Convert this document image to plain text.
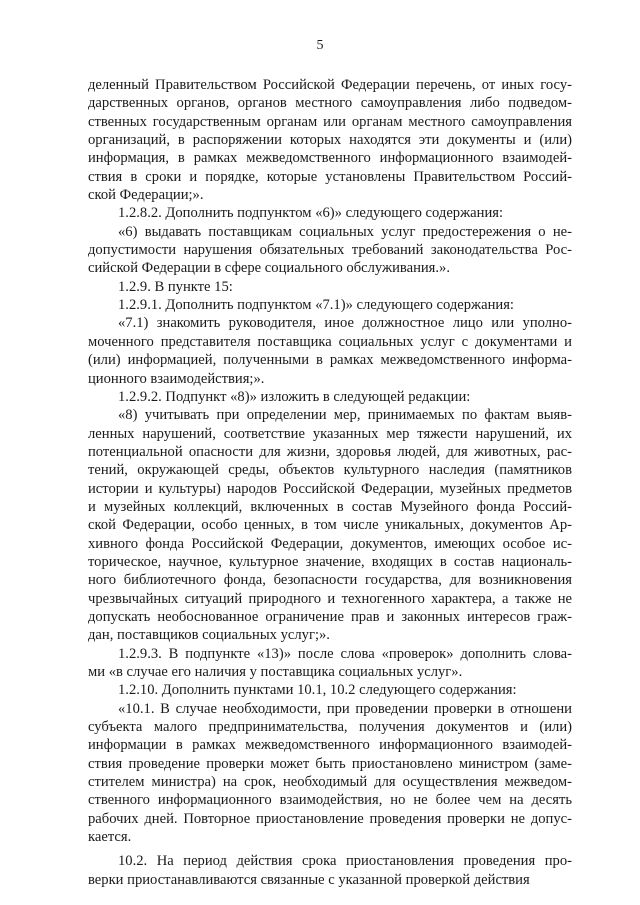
5
деленный Правительством Российской Федерации перечень, от иных госу-
дарственных органов, органов местного самоуправления либо подведом-
ственных государственным органам или органам местного самоуправления
организаций, в распоряжении которых находятся эти документы и (или)
информация, в рамках межведомственного информационного взаимодей-
ствия в сроки и порядке, которые установлены Правительством Россий-
ской Федерации;».
1.2.8.2. Дополнить подпунктом «6)» следующего содержания:
«6) выдавать поставщикам социальных услуг предостережения о не-
допустимости нарушения обязательных требований законодательства Рос-
сийской Федерации в сфере социального обслуживания.».
1.2.9. В пункте 15:
1.2.9.1. Дополнить подпунктом «7.1)» следующего содержания:
«7.1) знакомить руководителя, иное должностное лицо или уполно-
моченного представителя поставщика социальных услуг с документами и
(или) информацией, полученными в рамках межведомственного информа-
ционного взаимодействия;».
1.2.9.2. Подпункт «8)» изложить в следующей редакции:
«8) учитывать при определении мер, принимаемых по фактам выяв-
ленных нарушений, соответствие указанных мер тяжести нарушений, их
потенциальной опасности для жизни, здоровья людей, для животных, рас-
тений, окружающей среды, объектов культурного наследия (памятников
истории и культуры) народов Российской Федерации, музейных предметов
и музейных коллекций, включенных в состав Музейного фонда Россий-
ской Федерации, особо ценных, в том числе уникальных, документов Ар-
хивного фонда Российской Федерации, документов, имеющих особое ис-
торическое, научное, культурное значение, входящих в состав националь-
ного библиотечного фонда, безопасности государства, для возникновения
чрезвычайных ситуаций природного и техногенного характера, а также не
допускать необоснованное ограничение прав и законных интересов граж-
дан, поставщиков социальных услуг;».
1.2.9.3. В подпункте «13)» после слова «проверок» дополнить слова-
ми «в случае его наличия у поставщика социальных услуг».
1.2.10. Дополнить пунктами 10.1, 10.2 следующего содержания:
«10.1. В случае необходимости, при проведении проверки в отношени
субъекта малого предпринимательства, получения документов и (или)
информации в рамках межведомственного информационного взаимодей-
ствия проведение проверки может быть приостановлено министром (заме-
стителем министра) на срок, необходимый для осуществления межведом-
ственного информационного взаимодействия, но не более чем на десять
рабочих дней. Повторное приостановление проведения проверки не допус-
кается.
10.2. На период действия срока приостановления проведения про-
верки приостанавливаются связанные с указанной проверкой действия
